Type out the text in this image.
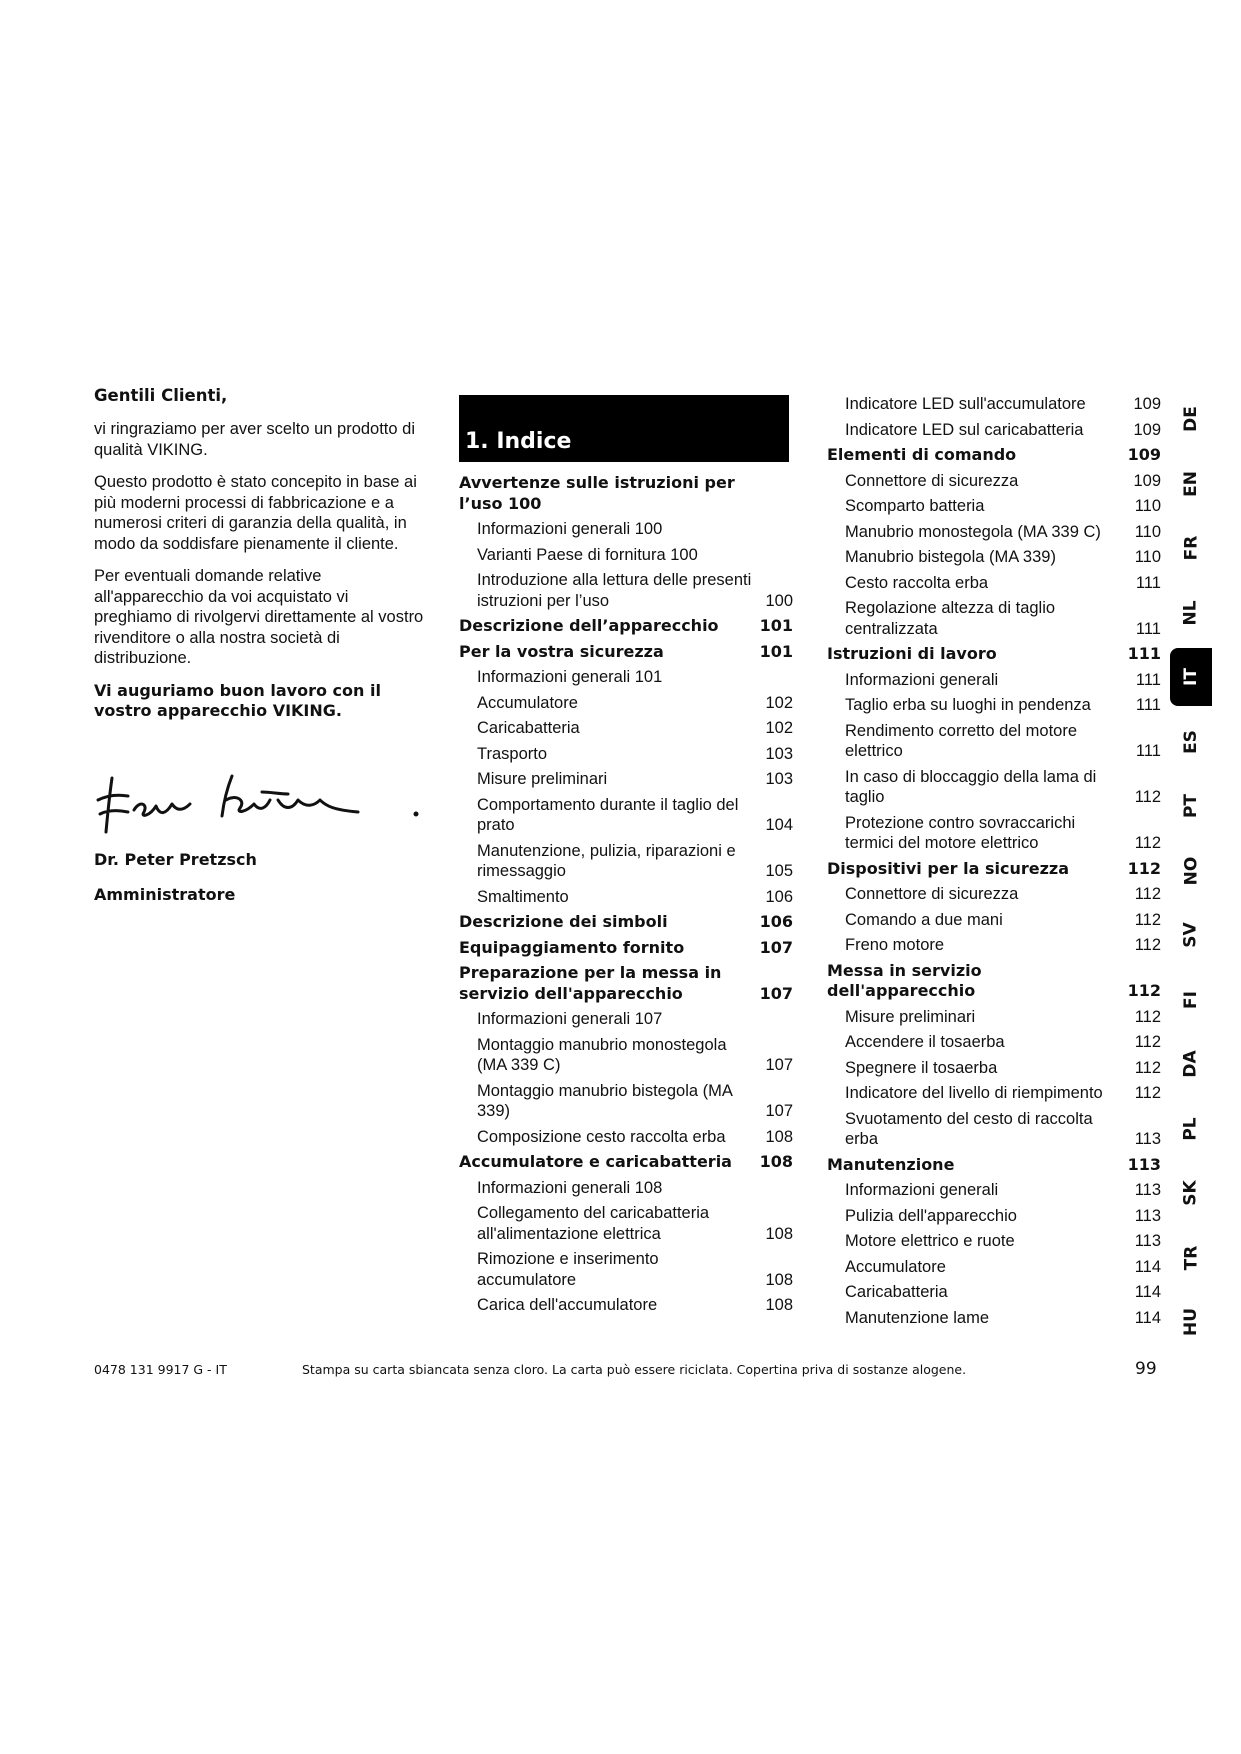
Gentili Clienti,

vi ringraziamo per aver scelto un prodotto di qualità VIKING.

Questo prodotto è stato concepito in base ai più moderni processi di fabbricazione e a numerosi criteri di garanzia della qualità, in modo da soddisfare pienamente il cliente.

Per eventuali domande relative all'apparecchio da voi acquistato vi preghiamo di rivolgervi direttamente al vostro rivenditore o alla nostra società di distribuzione.

Vi auguriamo buon lavoro con il vostro apparecchio VIKING.

Dr. Peter Pretzsch
Amministratore
1. Indice
Avvertenze sulle istruzioni per l’uso 100
Informazioni generali 100
Varianti Paese di fornitura 100
Introduzione alla lettura delle presenti istruzioni per l’uso	100
Descrizione dell’apparecchio	101
Per la vostra sicurezza	101
Informazioni generali 101
Accumulatore	102
Caricabatteria	102
Trasporto	103
Misure preliminari	103
Comportamento durante il taglio del prato	104
Manutenzione, pulizia, riparazioni e rimessaggio	105
Smaltimento	106
Descrizione dei simboli	106
Equipaggiamento fornito	107
Preparazione per la messa in servizio dell'apparecchio	107
Informazioni generali 107
Montaggio manubrio monostegola (MA 339 C)	107
Montaggio manubrio bistegola (MA 339)	107
Composizione cesto raccolta erba	108
Accumulatore e caricabatteria	108
Informazioni generali 108
Collegamento del caricabatteria all'alimentazione elettrica	108
Rimozione e inserimento accumulatore	108
Carica dell'accumulatore	108
Indicatore LED sull'accumulatore	109
Indicatore LED sul caricabatteria	109
Elementi di comando	109
Connettore di sicurezza	109
Scomparto batteria	110
Manubrio monostegola (MA 339 C)	110
Manubrio bistegola (MA 339)	110
Cesto raccolta erba	111
Regolazione altezza di taglio centralizzata	111
Istruzioni di lavoro	111
Informazioni generali	111
Taglio erba su luoghi in pendenza	111
Rendimento corretto del motore elettrico	111
In caso di bloccaggio della lama di taglio	112
Protezione contro sovraccarichi termici del motore elettrico	112
Dispositivi per la sicurezza	112
Connettore di sicurezza	112
Comando a due mani	112
Freno motore	112
Messa in servizio dell'apparecchio	112
Misure preliminari	112
Accendere il tosaerba	112
Spegnere il tosaerba	112
Indicatore del livello di riempimento	112
Svuotamento del cesto di raccolta erba	113
Manutenzione	113
Informazioni generali	113
Pulizia dell'apparecchio	113
Motore elettrico e ruote	113
Accumulatore	114
Caricabatteria	114
Manutenzione lame	114
DE
EN
FR
NL
IT
ES
PT
NO
SV
FI
DA
PL
SK
TR
HU
0478 131 9917 G - IT	Stampa su carta sbiancata senza cloro. La carta può essere riciclata. Copertina priva di sostanze alogene.	99
